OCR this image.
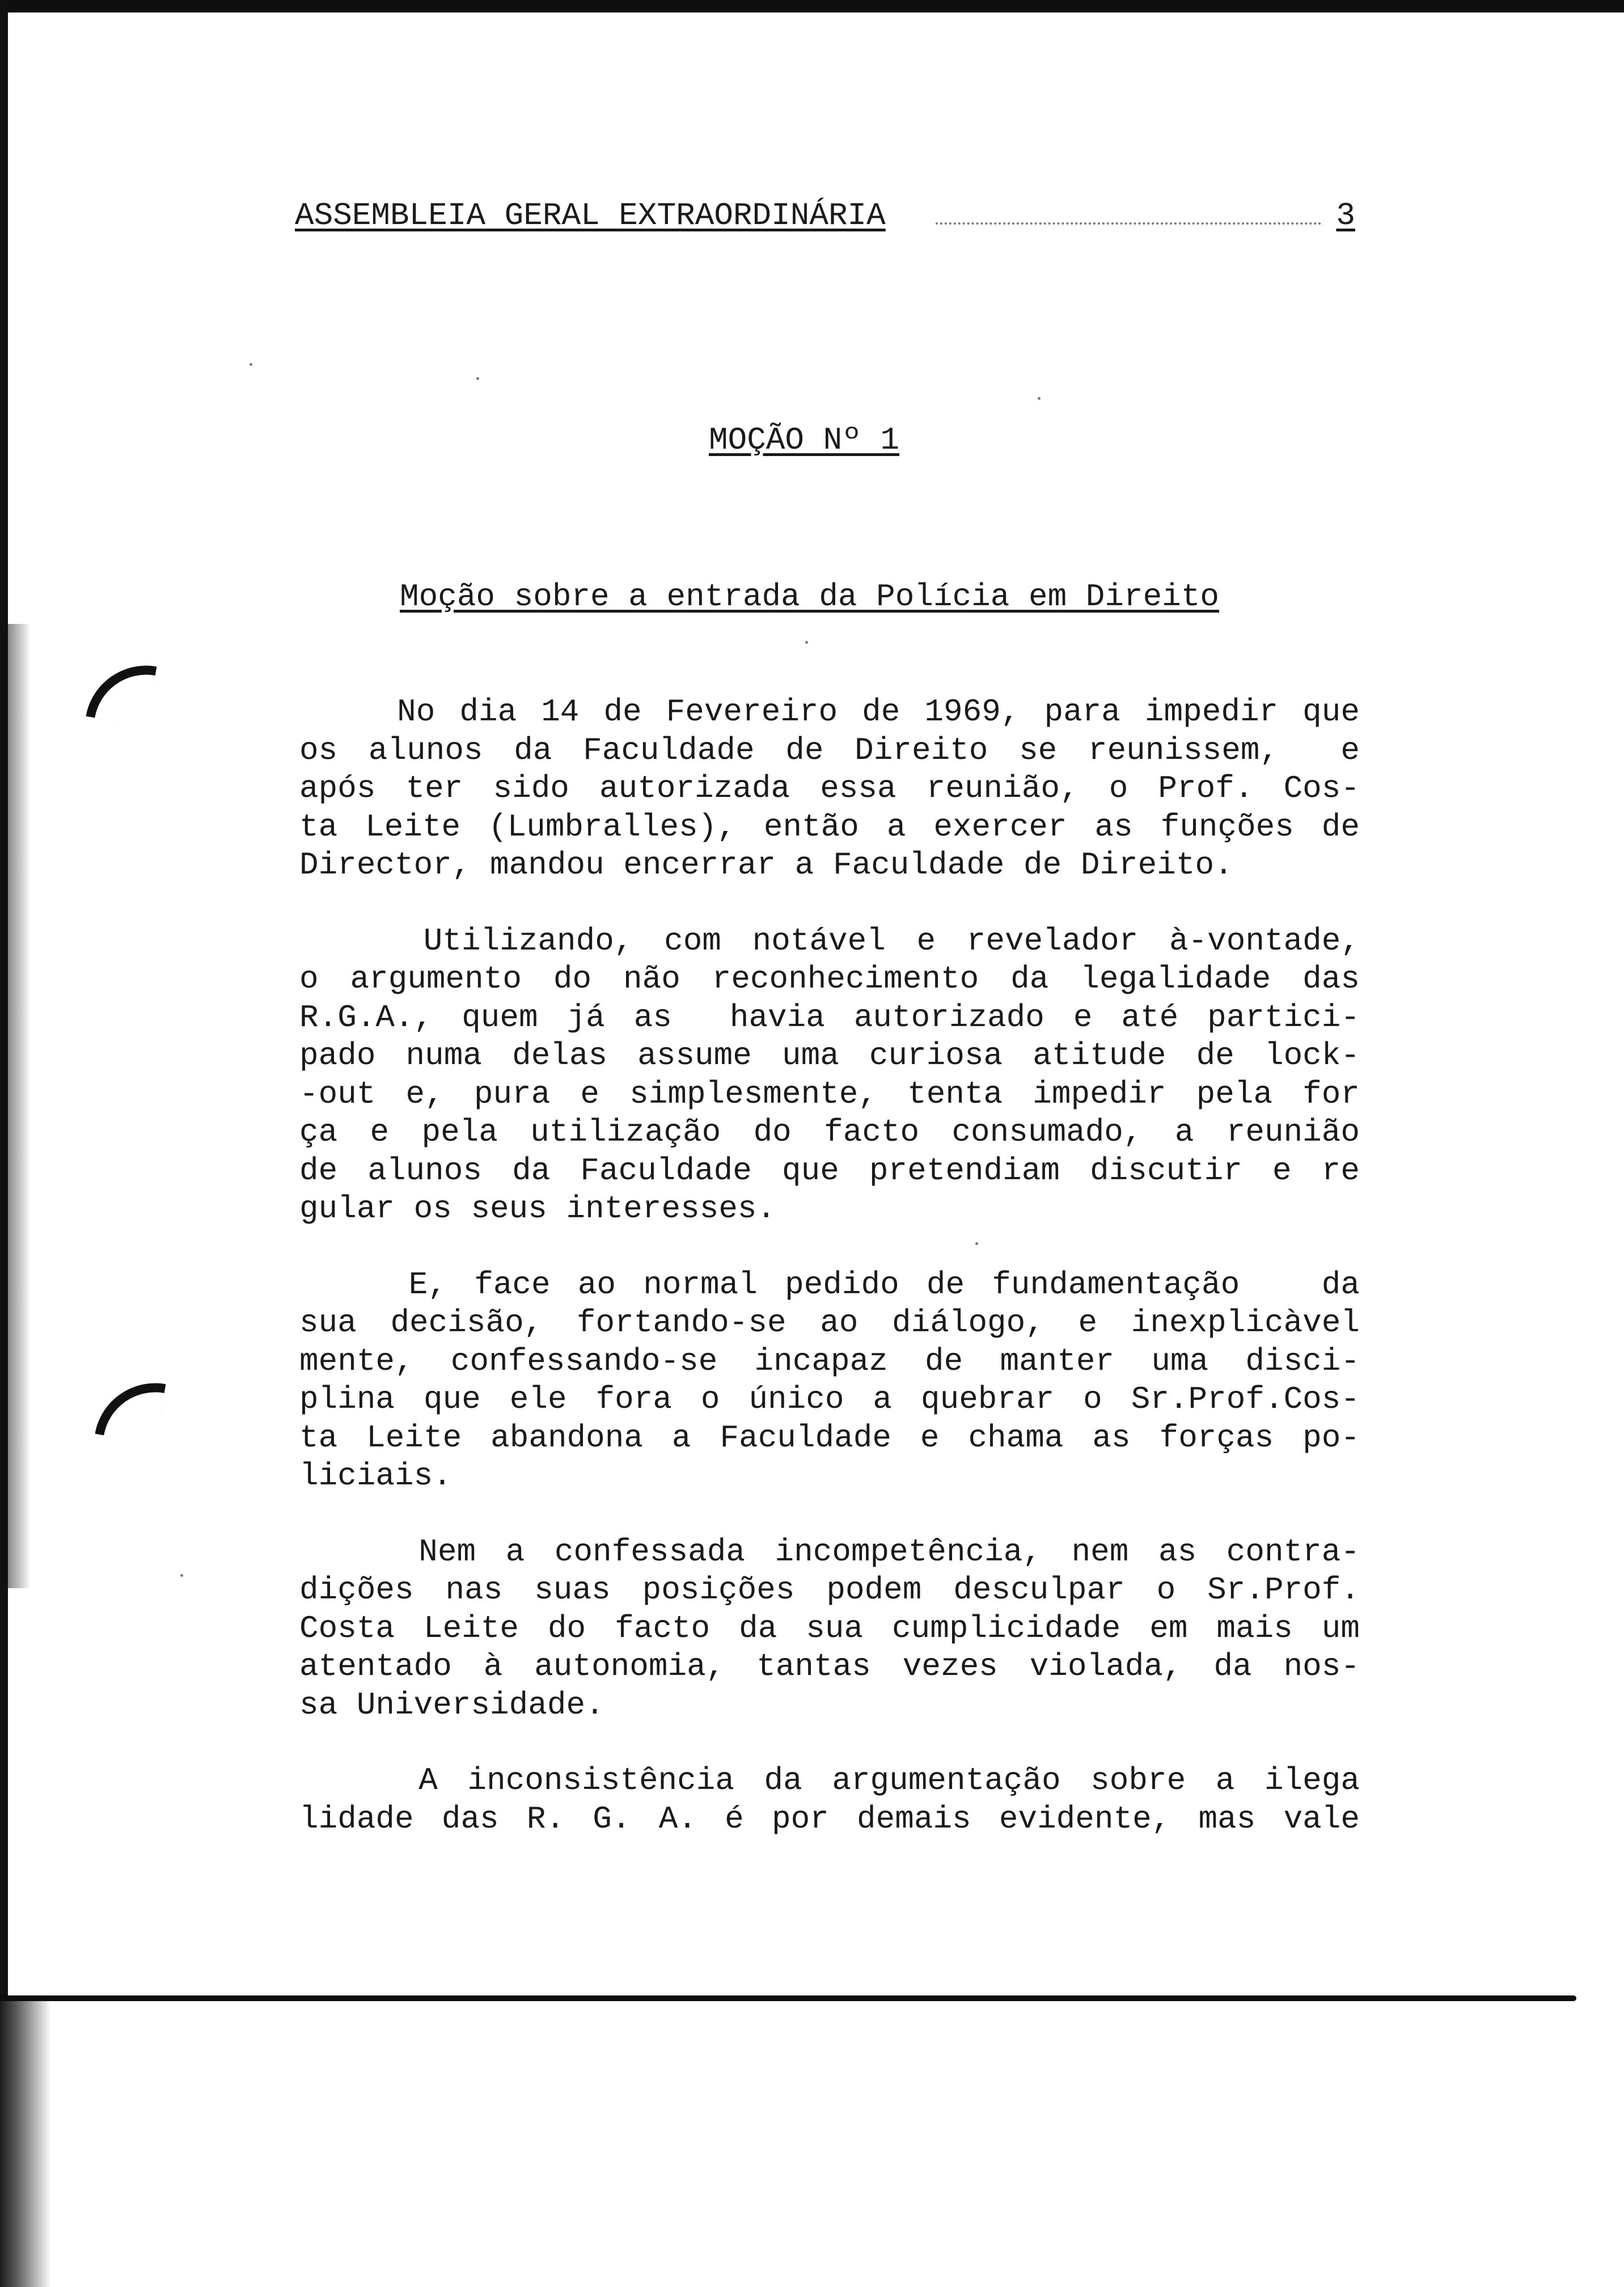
ASSEMBLEIA GERAL EXTRAORDINÁRIA	3
MOÇÃO Nº 1
Moção sobre a entrada da Polícia em Direito
No dia 14 de Fevereiro de 1969, para impedir que
os alunos da Faculdade de Direito se reunissem,  e
após ter sido autorizada essa reunião, o Prof. Cos-
ta Leite (Lumbralles), então a exercer as funções de
Director, mandou encerrar a Faculdade de Direito.
Utilizando, com notável e revelador à-vontade,
o argumento do não reconhecimento da legalidade das
R.G.A., quem já as  havia autorizado e até partici-
pado numa delas assume uma curiosa atitude de lock-
-out e, pura e simplesmente, tenta impedir pela for
ça e pela utilização do facto consumado, a reunião
de alunos da Faculdade que pretendiam discutir e re
gular os seus interesses.
E, face ao normal pedido de fundamentação   da
sua decisão, fortando-se ao diálogo, e inexplicàvel
mente, confessando-se incapaz de manter uma disci-
plina que ele fora o único a quebrar o Sr.Prof.Cos-
ta Leite abandona a Faculdade e chama as forças po-
liciais.
Nem a confessada incompetência, nem as contra-
dições nas suas posições podem desculpar o Sr.Prof.
Costa Leite do facto da sua cumplicidade em mais um
atentado à autonomia, tantas vezes violada, da nos-
sa Universidade.
A inconsistência da argumentação sobre a ilega
lidade das R. G. A. é por demais evidente, mas vale
